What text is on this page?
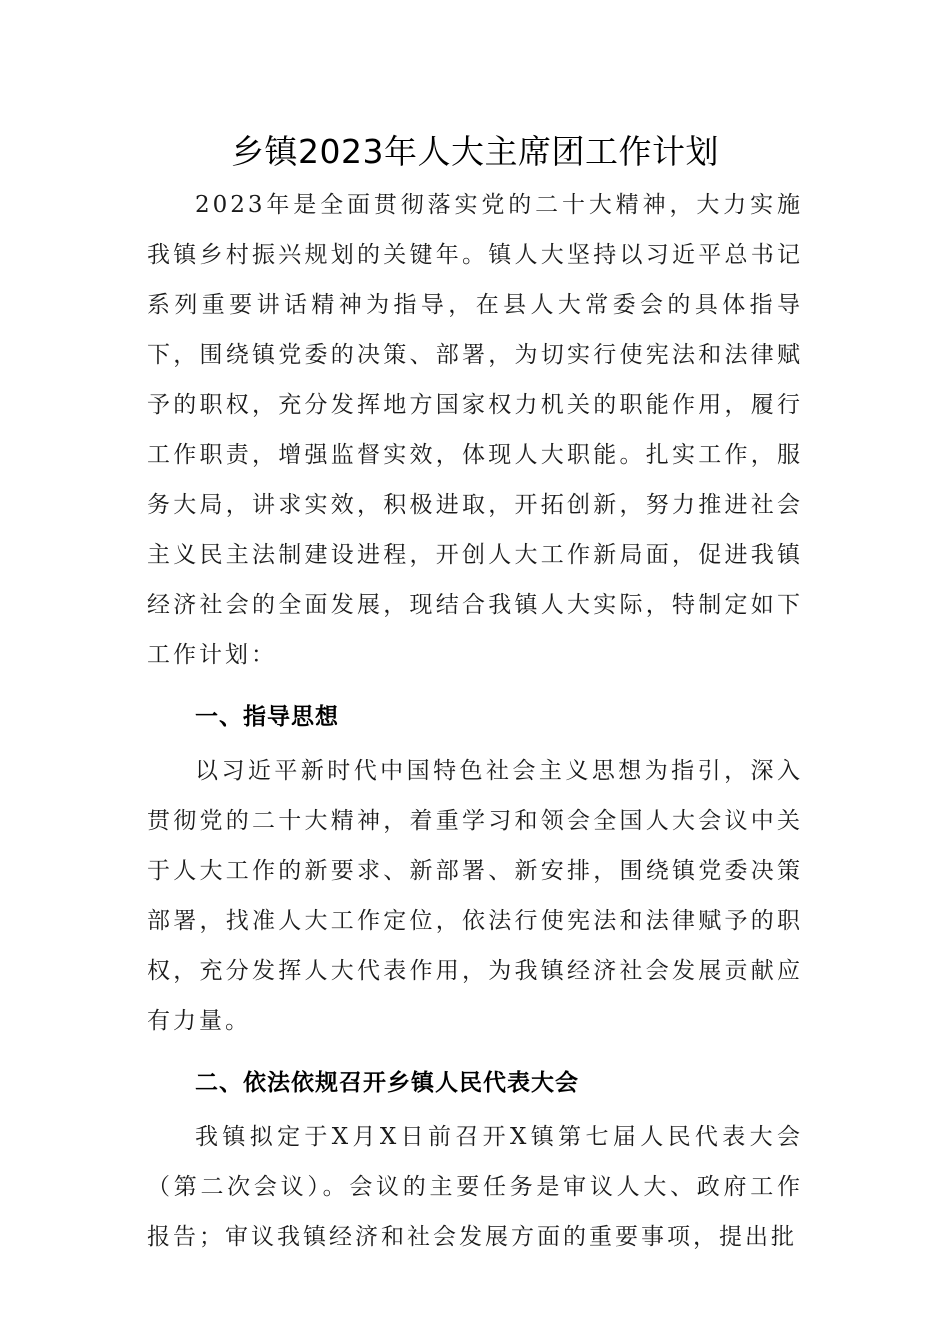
乡镇2023年人大主席团工作计划

2023年是全面贯彻落实党的二十大精神，大力实施我镇乡村振兴规划的关键年。镇人大坚持以习近平总书记系列重要讲话精神为指导，在县人大常委会的具体指导下，围绕镇党委的决策、部署，为切实行使宪法和法律赋予的职权，充分发挥地方国家权力机关的职能作用，履行工作职责，增强监督实效，体现人大职能。扎实工作，服务大局，讲求实效，积极进取，开拓创新，努力推进社会主义民主法制建设进程，开创人大工作新局面，促进我镇经济社会的全面发展，现结合我镇人大实际，特制定如下工作计划：

一、指导思想

以习近平新时代中国特色社会主义思想为指引，深入贯彻党的二十大精神，着重学习和领会全国人大会议中关于人大工作的新要求、新部署、新安排，围绕镇党委决策部署，找准人大工作定位，依法行使宪法和法律赋予的职权，充分发挥人大代表作用，为我镇经济社会发展贡献应有力量。

二、依法依规召开乡镇人民代表大会

我镇拟定于X月X日前召开X镇第七届人民代表大会（第二次会议）。会议的主要任务是审议人大、政府工作报告；审议我镇经济和社会发展方面的重要事项，提出批
